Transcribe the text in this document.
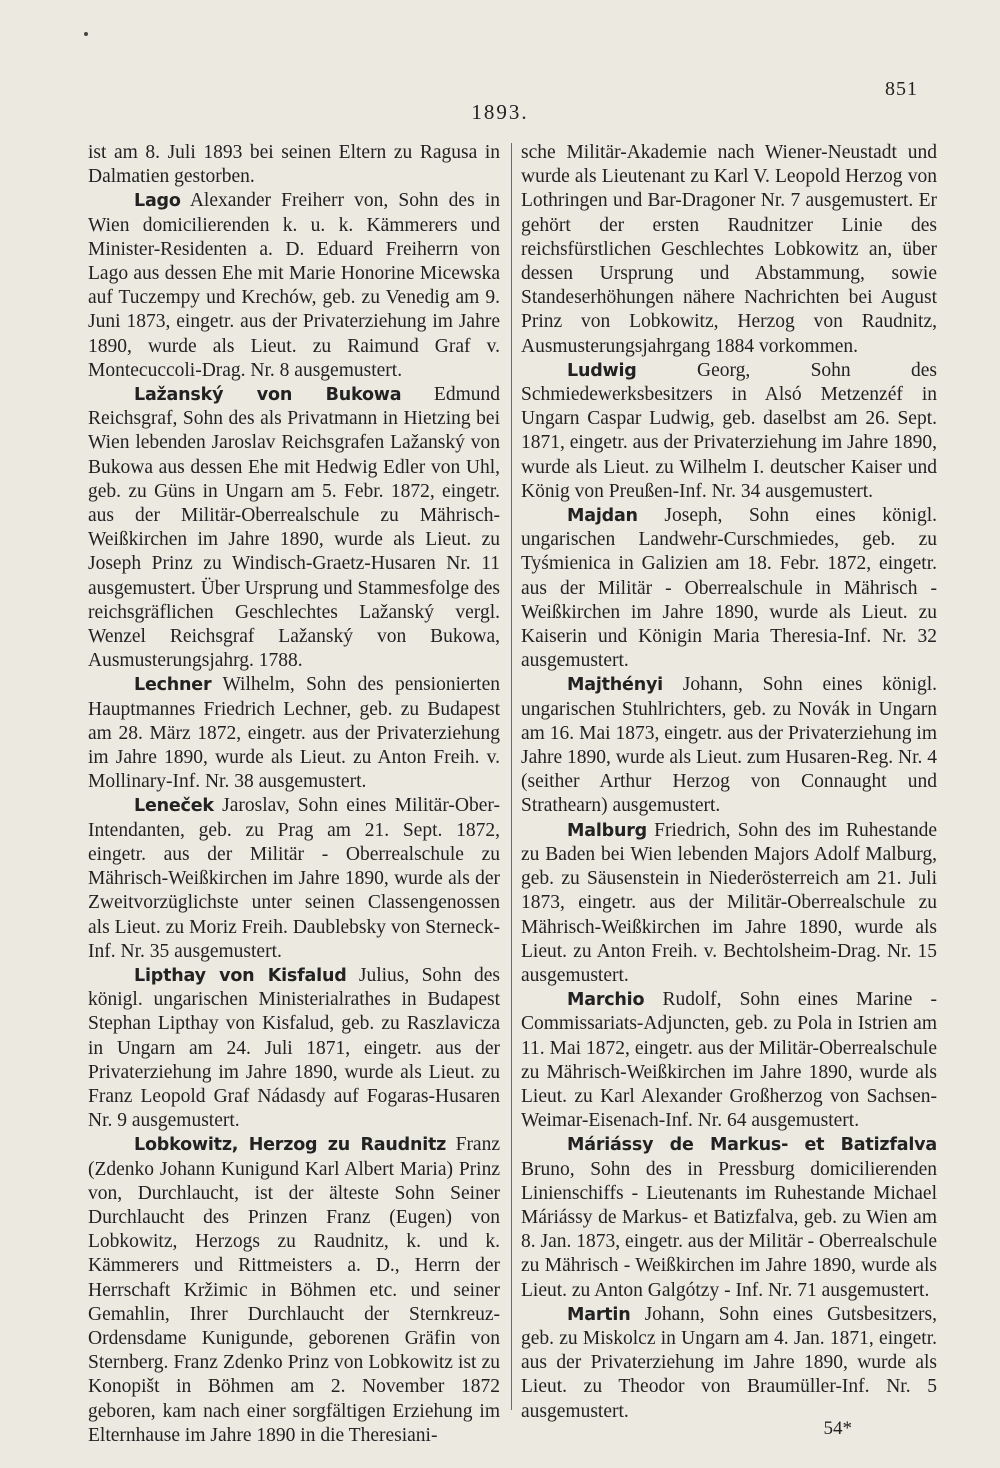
851
1893.

ist am 8. Juli 1893 bei seinen Eltern zu Ragusa in Dalmatien gestorben.

Lago Alexander Freiherr von, Sohn des in Wien domicilierenden k. u. k. Kämmerers und Minister-Residenten a. D. Eduard Freiherrn von Lago aus dessen Ehe mit Marie Honorine Micewska auf Tuczempy und Krechów, geb. zu Venedig am 9. Juni 1873, eingetr. aus der Privaterziehung im Jahre 1890, wurde als Lieut. zu Raimund Graf v. Montecuccoli-Drag. Nr. 8 ausgemustert.

Lažanský von Bukowa Edmund Reichsgraf, Sohn des als Privatmann in Hietzing bei Wien lebenden Jaroslav Reichsgrafen Lažanský von Bukowa aus dessen Ehe mit Hedwig Edler von Uhl, geb. zu Güns in Ungarn am 5. Febr. 1872, eingetr. aus der Militär-Oberrealschule zu Mährisch-Weißkirchen im Jahre 1890, wurde als Lieut. zu Joseph Prinz zu Windisch-Graetz-Husaren Nr. 11 ausgemustert. Über Ursprung und Stammesfolge des reichsgräflichen Geschlechtes Lažanský vergl. Wenzel Reichsgraf Lažanský von Bukowa, Ausmusterungsjahrg. 1788.

Lechner Wilhelm, Sohn des pensionierten Hauptmannes Friedrich Lechner, geb. zu Budapest am 28. März 1872, eingetr. aus der Privaterziehung im Jahre 1890, wurde als Lieut. zu Anton Freih. v. Mollinary-Inf. Nr. 38 ausgemustert.

Leneček Jaroslav, Sohn eines Militär-Ober-Intendanten, geb. zu Prag am 21. Sept. 1872, eingetr. aus der Militär - Oberrealschule zu Mährisch-Weißkirchen im Jahre 1890, wurde als der Zweitvorzüglichste unter seinen Classengenossen als Lieut. zu Moriz Freih. Daublebsky von Sterneck-Inf. Nr. 35 ausgemustert.

Lipthay von Kisfalud Julius, Sohn des königl. ungarischen Ministerialrathes in Budapest Stephan Lipthay von Kisfalud, geb. zu Raszlavicza in Ungarn am 24. Juli 1871, eingetr. aus der Privaterziehung im Jahre 1890, wurde als Lieut. zu Franz Leopold Graf Nádasdy auf Fogaras-Husaren Nr. 9 ausgemustert.

Lobkowitz, Herzog zu Raudnitz Franz (Zdenko Johann Kunigund Karl Albert Maria) Prinz von, Durchlaucht, ist der älteste Sohn Seiner Durchlaucht des Prinzen Franz (Eugen) von Lobkowitz, Herzogs zu Raudnitz, k. und k. Kämmerers und Rittmeisters a. D., Herrn der Herrschaft Kržimic in Böhmen etc. und seiner Gemahlin, Ihrer Durchlaucht der Sternkreuz-Ordensdame Kunigunde, geborenen Gräfin von Sternberg. Franz Zdenko Prinz von Lobkowitz ist zu Konopišt in Böhmen am 2. November 1872 geboren, kam nach einer sorgfältigen Erziehung im Elternhause im Jahre 1890 in die Theresiani-

sche Militär-Akademie nach Wiener-Neustadt und wurde als Lieutenant zu Karl V. Leopold Herzog von Lothringen und Bar-Dragoner Nr. 7 ausgemustert. Er gehört der ersten Raudnitzer Linie des reichsfürstlichen Geschlechtes Lobkowitz an, über dessen Ursprung und Abstammung, sowie Standeserhöhungen nähere Nachrichten bei August Prinz von Lobkowitz, Herzog von Raudnitz, Ausmusterungsjahrgang 1884 vorkommen.

Ludwig	Georg, Sohn des Schmiedewerksbesitzers in Alsó Metzenzéf in Ungarn Caspar Ludwig, geb. daselbst am 26. Sept. 1871, eingetr. aus der Privaterziehung im Jahre 1890, wurde als Lieut. zu Wilhelm I. deutscher Kaiser und König von Preußen-Inf. Nr. 34 ausgemustert.

Majdan Joseph, Sohn eines königl. ungarischen Landwehr-Curschmiedes, geb. zu Tyśmienica in Galizien am 18. Febr. 1872, eingetr. aus der Militär - Oberrealschule in Mährisch - Weißkirchen im Jahre 1890, wurde als Lieut. zu Kaiserin und Königin Maria Theresia-Inf. Nr. 32 ausgemustert.

Majthényi Johann, Sohn eines königl. ungarischen Stuhlrichters, geb. zu Novák in Ungarn am 16. Mai 1873, eingetr. aus der Privaterziehung im Jahre 1890, wurde als Lieut. zum Husaren-Reg. Nr. 4 (seither Arthur Herzog von Connaught und Strathearn) ausgemustert.

Malburg Friedrich, Sohn des im Ruhestande zu Baden bei Wien lebenden Majors Adolf Malburg, geb. zu Säusenstein in Niederösterreich am 21. Juli 1873, eingetr. aus der Militär-Oberrealschule zu Mährisch-Weißkirchen im Jahre 1890, wurde als Lieut. zu Anton Freih. v. Bechtolsheim-Drag. Nr. 15 ausgemustert.

Marchio Rudolf, Sohn eines Marine - Commissariats-Adjuncten, geb. zu Pola in Istrien am 11. Mai 1872, eingetr. aus der Militär-Oberrealschule zu Mährisch-Weißkirchen im Jahre 1890, wurde als Lieut. zu Karl Alexander Großherzog von Sachsen-Weimar-Eisenach-Inf. Nr. 64 ausgemustert.

Máriássy de Markus- et Batizfalva Bruno, Sohn des in Pressburg domicilierenden Linienschiffs - Lieutenants im Ruhestande Michael Máriássy de Markus- et Batizfalva, geb. zu Wien am 8. Jan. 1873, eingetr. aus der Militär - Oberrealschule zu Mährisch - Weißkirchen im Jahre 1890, wurde als Lieut. zu Anton Galgótzy - Inf. Nr. 71 ausgemustert.

Martin Johann, Sohn eines Gutsbesitzers, geb. zu Miskolcz in Ungarn am 4. Jan. 1871, eingetr. aus der Privaterziehung im Jahre 1890, wurde als Lieut. zu Theodor von Braumüller-Inf. Nr. 5 ausgemustert.

54*
